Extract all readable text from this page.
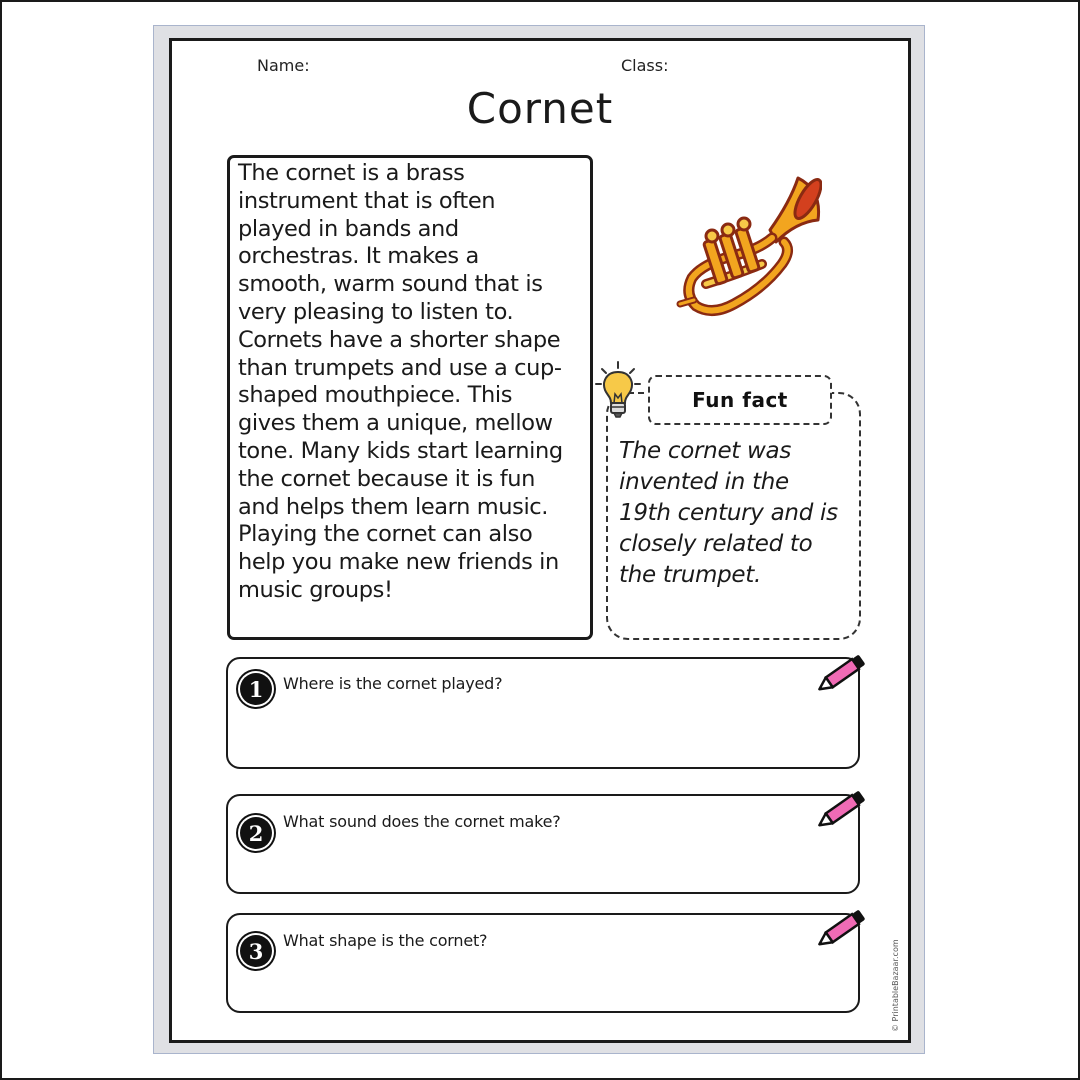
Name:	Class:
Cornet
The cornet is a brass
instrument that is often
played in bands and
orchestras. It makes a
smooth, warm sound that is
very pleasing to listen to.
Cornets have a shorter shape
than trumpets and use a cup-
shaped mouthpiece. This
gives them a unique, mellow
tone. Many kids start learning
the cornet because it is fun
and helps them learn music.
Playing the cornet can also
help you make new friends in
music groups!
Fun fact
The cornet was
invented in the
19th century and is
closely related to
the trumpet.
1	Where is the cornet played?
2	What sound does the cornet make?
3	What shape is the cornet?	© PrintableBazaar.com
